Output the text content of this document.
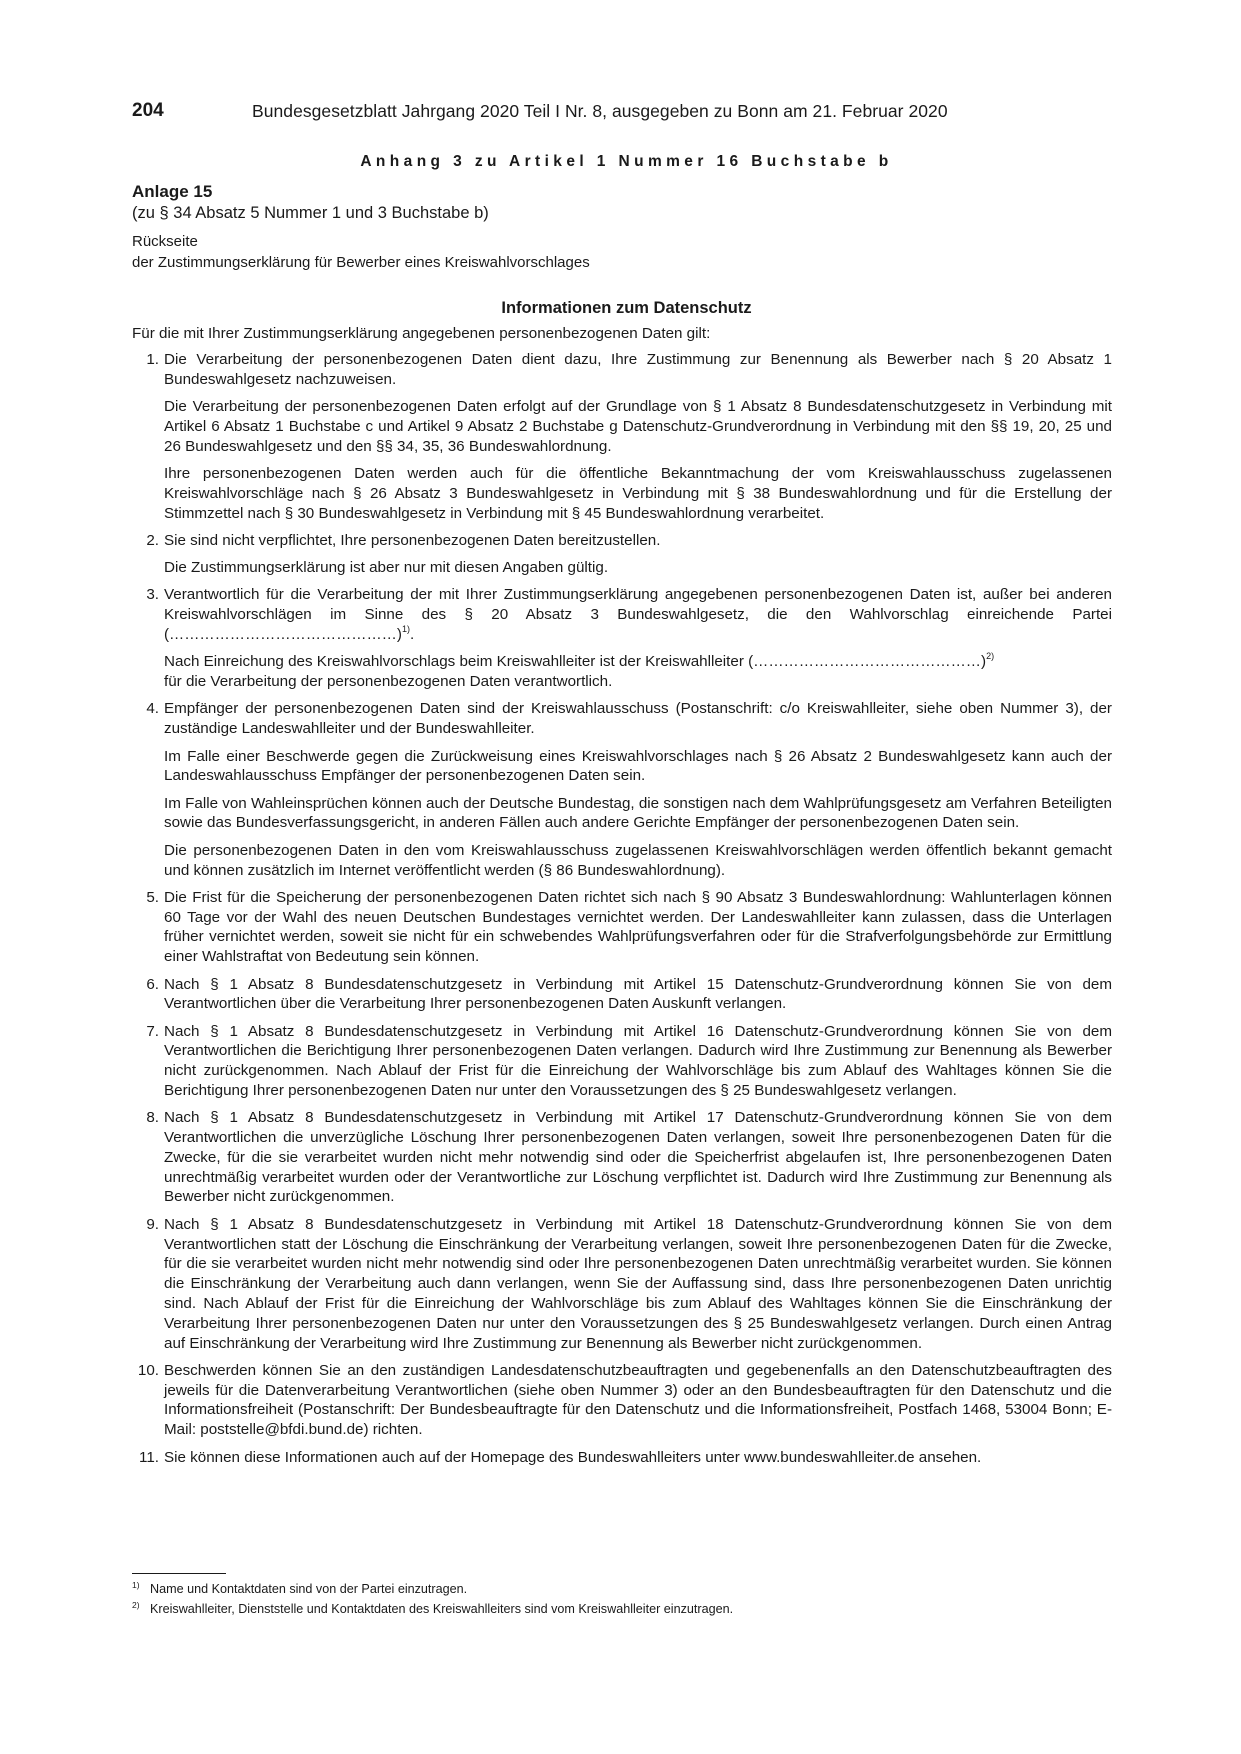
204	Bundesgesetzblatt Jahrgang 2020 Teil I Nr. 8, ausgegeben zu Bonn am 21. Februar 2020
Anhang 3 zu Artikel 1 Nummer 16 Buchstabe b
Anlage 15
(zu § 34 Absatz 5 Nummer 1 und 3 Buchstabe b)
Rückseite
der Zustimmungserklärung für Bewerber eines Kreiswahlvorschlages
Informationen zum Datenschutz
Für die mit Ihrer Zustimmungserklärung angegebenen personenbezogenen Daten gilt:
1. Die Verarbeitung der personenbezogenen Daten dient dazu, Ihre Zustimmung zur Benennung als Bewerber nach § 20 Absatz 1 Bundeswahlgesetz nachzuweisen.

Die Verarbeitung der personenbezogenen Daten erfolgt auf der Grundlage von § 1 Absatz 8 Bundesdatenschutzgesetz in Verbindung mit Artikel 6 Absatz 1 Buchstabe c und Artikel 9 Absatz 2 Buchstabe g Datenschutz-Grundverordnung in Verbindung mit den §§ 19, 20, 25 und 26 Bundeswahlgesetz und den §§ 34, 35, 36 Bundeswahlordnung.

Ihre personenbezogenen Daten werden auch für die öffentliche Bekanntmachung der vom Kreiswahlausschuss zugelassenen Kreiswahlvorschläge nach § 26 Absatz 3 Bundeswahlgesetz in Verbindung mit § 38 Bundeswahlordnung und für die Erstellung der Stimmzettel nach § 30 Bundeswahlgesetz in Verbindung mit § 45 Bundeswahlordnung verarbeitet.

2. Sie sind nicht verpflichtet, Ihre personenbezogenen Daten bereitzustellen.

Die Zustimmungserklärung ist aber nur mit diesen Angaben gültig.

3. Verantwortlich für die Verarbeitung der mit Ihrer Zustimmungserklärung angegebenen personenbezogenen Daten ist, außer bei anderen Kreiswahlvorschlägen im Sinne des § 20 Absatz 3 Bundeswahlgesetz, die den Wahlvorschlag einreichende Partei (………………………………………)$^{1)}$.

Nach Einreichung des Kreiswahlvorschlags beim Kreiswahlleiter ist der Kreiswahlleiter (………………………………………)$^{2)}$
für die Verarbeitung der personenbezogenen Daten verantwortlich.

4. Empfänger der personenbezogenen Daten sind der Kreiswahlausschuss (Postanschrift: c/o Kreiswahlleiter, siehe oben Nummer 3), der zuständige Landeswahlleiter und der Bundeswahlleiter.

Im Falle einer Beschwerde gegen die Zurückweisung eines Kreiswahlvorschlages nach § 26 Absatz 2 Bundeswahlgesetz kann auch der Landeswahlausschuss Empfänger der personenbezogenen Daten sein.

Im Falle von Wahleinsprüchen können auch der Deutsche Bundestag, die sonstigen nach dem Wahlprüfungsgesetz am Verfahren Beteiligten sowie das Bundesverfassungsgericht, in anderen Fällen auch andere Gerichte Empfänger der personenbezogenen Daten sein.

Die personenbezogenen Daten in den vom Kreiswahlausschuss zugelassenen Kreiswahlvorschlägen werden öffentlich bekannt gemacht und können zusätzlich im Internet veröffentlicht werden (§ 86 Bundeswahlordnung).

5. Die Frist für die Speicherung der personenbezogenen Daten richtet sich nach § 90 Absatz 3 Bundeswahlordnung: Wahlunterlagen können 60 Tage vor der Wahl des neuen Deutschen Bundestages vernichtet werden. Der Landeswahlleiter kann zulassen, dass die Unterlagen früher vernichtet werden, soweit sie nicht für ein schwebendes Wahlprüfungsverfahren oder für die Strafverfolgungsbehörde zur Ermittlung einer Wahlstraftat von Bedeutung sein können.

6. Nach § 1 Absatz 8 Bundesdatenschutzgesetz in Verbindung mit Artikel 15 Datenschutz-Grundverordnung können Sie von dem Verantwortlichen über die Verarbeitung Ihrer personenbezogenen Daten Auskunft verlangen.

7. Nach § 1 Absatz 8 Bundesdatenschutzgesetz in Verbindung mit Artikel 16 Datenschutz-Grundverordnung können Sie von dem Verantwortlichen die Berichtigung Ihrer personenbezogenen Daten verlangen. Dadurch wird Ihre Zustimmung zur Benennung als Bewerber nicht zurückgenommen. Nach Ablauf der Frist für die Einreichung der Wahlvorschläge bis zum Ablauf des Wahltages können Sie die Berichtigung Ihrer personenbezogenen Daten nur unter den Voraussetzungen des § 25 Bundeswahlgesetz verlangen.

8. Nach § 1 Absatz 8 Bundesdatenschutzgesetz in Verbindung mit Artikel 17 Datenschutz-Grundverordnung können Sie von dem Verantwortlichen die unverzügliche Löschung Ihrer personenbezogenen Daten verlangen, soweit Ihre personenbezogenen Daten für die Zwecke, für die sie verarbeitet wurden nicht mehr notwendig sind oder die Speicherfrist abgelaufen ist, Ihre personenbezogenen Daten unrechtmäßig verarbeitet wurden oder der Verantwortliche zur Löschung verpflichtet ist. Dadurch wird Ihre Zustimmung zur Benennung als Bewerber nicht zurückgenommen.

9. Nach § 1 Absatz 8 Bundesdatenschutzgesetz in Verbindung mit Artikel 18 Datenschutz-Grundverordnung können Sie von dem Verantwortlichen statt der Löschung die Einschränkung der Verarbeitung verlangen, soweit Ihre personenbezogenen Daten für die Zwecke, für die sie verarbeitet wurden nicht mehr notwendig sind oder Ihre personenbezogenen Daten unrechtmäßig verarbeitet wurden. Sie können die Einschränkung der Verarbeitung auch dann verlangen, wenn Sie der Auffassung sind, dass Ihre personenbezogenen Daten unrichtig sind. Nach Ablauf der Frist für die Einreichung der Wahlvorschläge bis zum Ablauf des Wahltages können Sie die Einschränkung der Verarbeitung Ihrer personenbezogenen Daten nur unter den Voraussetzungen des § 25 Bundeswahlgesetz verlangen. Durch einen Antrag auf Einschränkung der Verarbeitung wird Ihre Zustimmung zur Benennung als Bewerber nicht zurückgenommen.

10. Beschwerden können Sie an den zuständigen Landesdatenschutzbeauftragten und gegebenenfalls an den Datenschutzbeauftragten des jeweils für die Datenverarbeitung Verantwortlichen (siehe oben Nummer 3) oder an den Bundesbeauftragten für den Datenschutz und die Informationsfreiheit (Postanschrift: Der Bundesbeauftragte für den Datenschutz und die Informationsfreiheit, Postfach 1468, 53004 Bonn; E-Mail: poststelle@bfdi.bund.de) richten.

11. Sie können diese Informationen auch auf der Homepage des Bundeswahlleiters unter www.bundeswahlleiter.de ansehen.

1) Name und Kontaktdaten sind von der Partei einzutragen.
2) Kreiswahlleiter, Dienststelle und Kontaktdaten des Kreiswahlleiters sind vom Kreiswahlleiter einzutragen.
